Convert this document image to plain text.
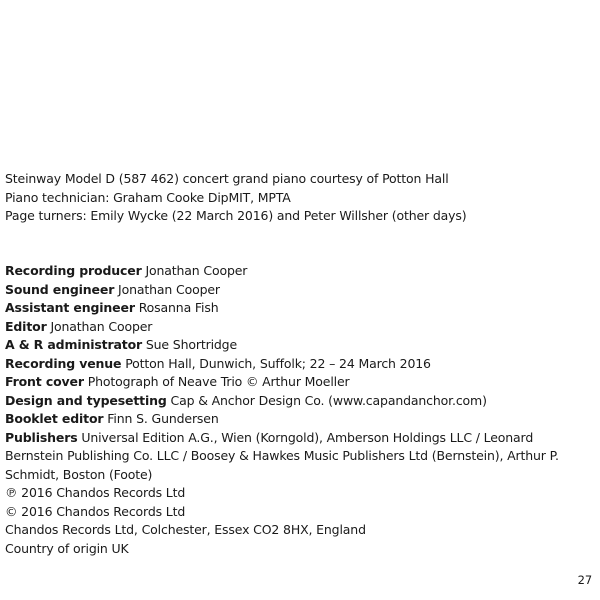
Steinway Model D (587 462) concert grand piano courtesy of Potton Hall
Piano technician: Graham Cooke DipMIT, MPTA
Page turners: Emily Wycke (22 March 2016) and Peter Willsher (other days)
Recording producer Jonathan Cooper
Sound engineer Jonathan Cooper
Assistant engineer Rosanna Fish
Editor Jonathan Cooper
A & R administrator Sue Shortridge
Recording venue Potton Hall, Dunwich, Suffolk; 22 – 24 March 2016
Front cover Photograph of Neave Trio © Arthur Moeller
Design and typesetting Cap & Anchor Design Co. (www.capandanchor.com)
Booklet editor Finn S. Gundersen
Publishers Universal Edition A.G., Wien (Korngold), Amberson Holdings LLC / Leonard Bernstein Publishing Co. LLC / Boosey & Hawkes Music Publishers Ltd (Bernstein), Arthur P. Schmidt, Boston (Foote)
℗ 2016 Chandos Records Ltd
© 2016 Chandos Records Ltd
Chandos Records Ltd, Colchester, Essex CO2 8HX, England
Country of origin UK
27
